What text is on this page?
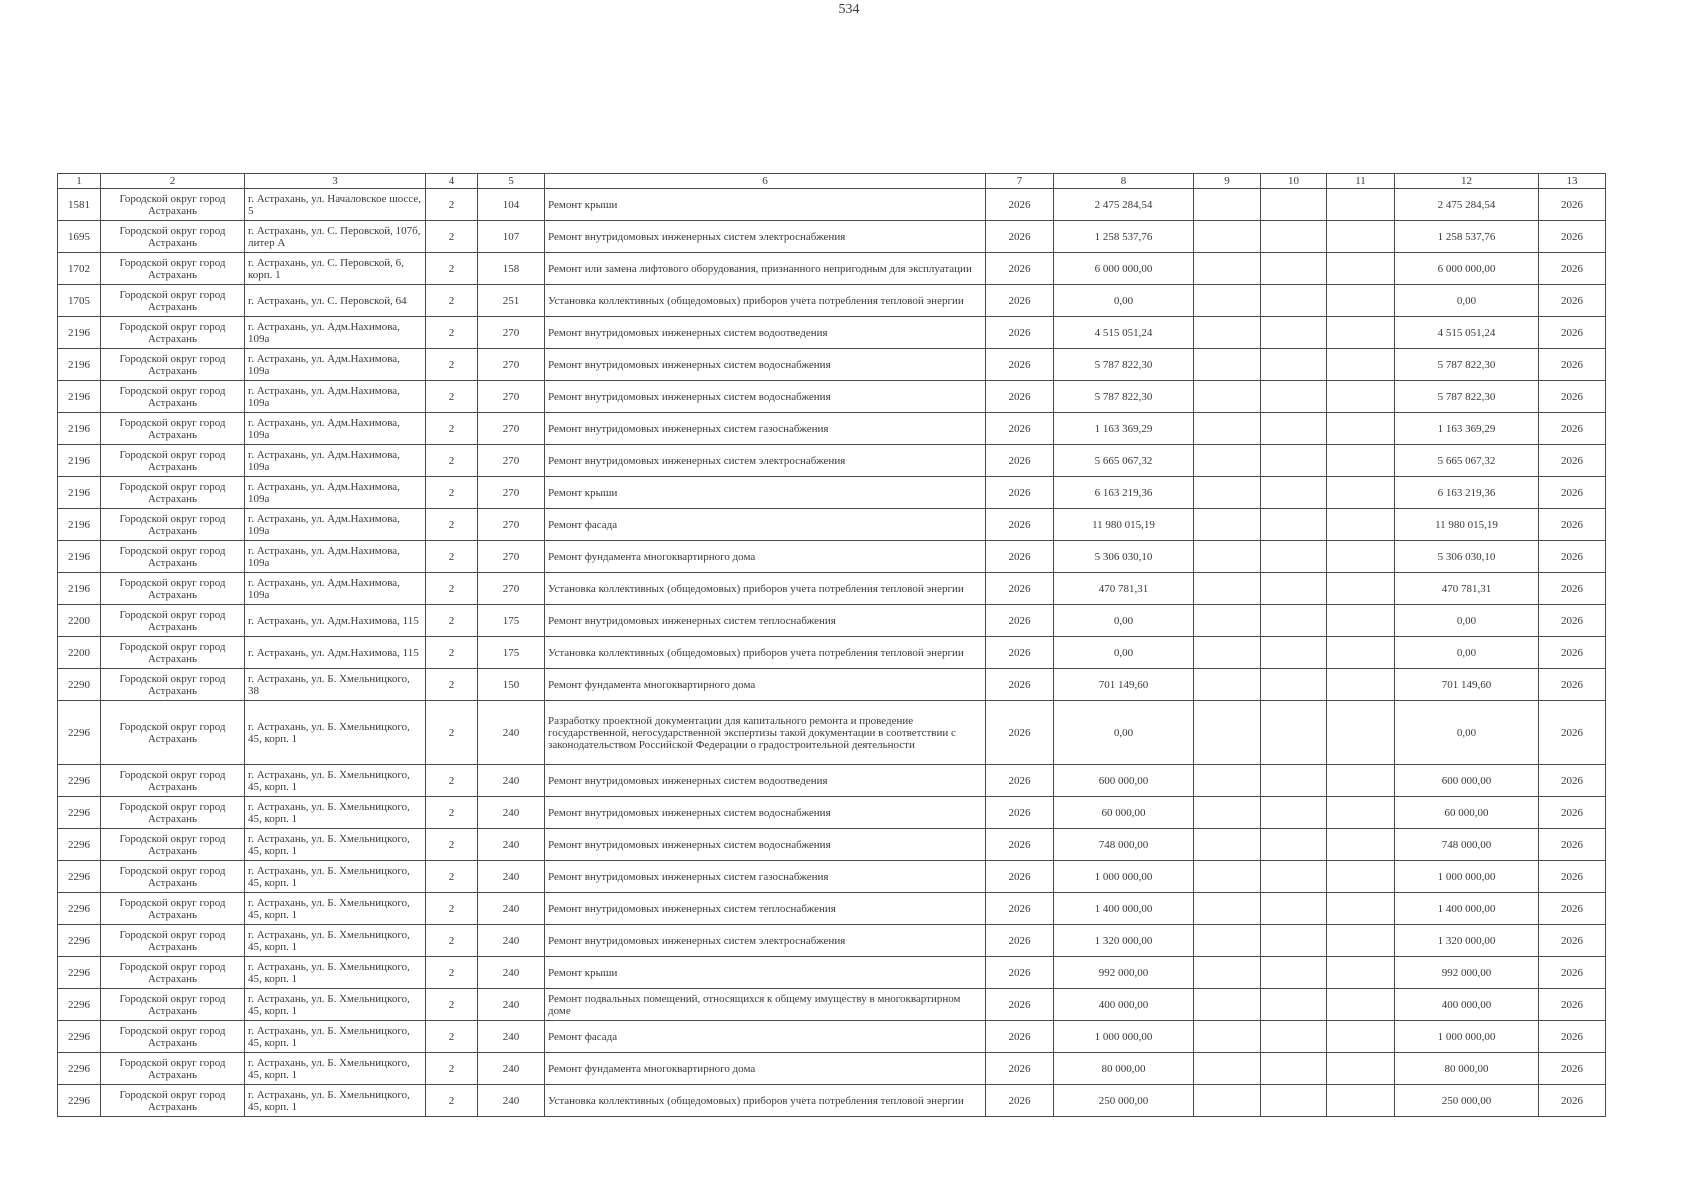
534
1	2	3	4	5	6	7	8	9	10	11	12	13
1581	Городской округ город Астрахань	г. Астрахань, ул. Началовское шоссе, 5	2	104	Ремонт крыши	2026	2 475 284,54				2 475 284,54	2026
1695	Городской округ город Астрахань	г. Астрахань, ул. С. Перовской, 107б, литер А	2	107	Ремонт внутридомовых инженерных систем электроснабжения	2026	1 258 537,76				1 258 537,76	2026
1702	Городской округ город Астрахань	г. Астрахань, ул. С. Перовской, 6, корп. 1	2	158	Ремонт или замена лифтового оборудования, признанного непригодным для эксплуатации	2026	6 000 000,00				6 000 000,00	2026
1705	Городской округ город Астрахань	г. Астрахань, ул. С. Перовской, 64	2	251	Установка коллективных (общедомовых) приборов учета потребления тепловой энергии	2026	0,00				0,00	2026
2196	Городской округ город Астрахань	г. Астрахань, ул. Адм.Нахимова, 109а	2	270	Ремонт внутридомовых инженерных систем водоотведения	2026	4 515 051,24				4 515 051,24	2026
2196	Городской округ город Астрахань	г. Астрахань, ул. Адм.Нахимова, 109а	2	270	Ремонт внутридомовых инженерных систем водоснабжения	2026	5 787 822,30				5 787 822,30	2026
2196	Городской округ город Астрахань	г. Астрахань, ул. Адм.Нахимова, 109а	2	270	Ремонт внутридомовых инженерных систем водоснабжения	2026	5 787 822,30				5 787 822,30	2026
2196	Городской округ город Астрахань	г. Астрахань, ул. Адм.Нахимова, 109а	2	270	Ремонт внутридомовых инженерных систем газоснабжения	2026	1 163 369,29				1 163 369,29	2026
2196	Городской округ город Астрахань	г. Астрахань, ул. Адм.Нахимова, 109а	2	270	Ремонт внутридомовых инженерных систем электроснабжения	2026	5 665 067,32				5 665 067,32	2026
2196	Городской округ город Астрахань	г. Астрахань, ул. Адм.Нахимова, 109а	2	270	Ремонт крыши	2026	6 163 219,36				6 163 219,36	2026
2196	Городской округ город Астрахань	г. Астрахань, ул. Адм.Нахимова, 109а	2	270	Ремонт фасада	2026	11 980 015,19				11 980 015,19	2026
2196	Городской округ город Астрахань	г. Астрахань, ул. Адм.Нахимова, 109а	2	270	Ремонт фундамента многоквартирного дома	2026	5 306 030,10				5 306 030,10	2026
2196	Городской округ город Астрахань	г. Астрахань, ул. Адм.Нахимова, 109а	2	270	Установка коллективных (общедомовых) приборов учета потребления тепловой энергии	2026	470 781,31				470 781,31	2026
2200	Городской округ город Астрахань	г. Астрахань, ул. Адм.Нахимова, 115	2	175	Ремонт внутридомовых инженерных систем теплоснабжения	2026	0,00				0,00	2026
2200	Городской округ город Астрахань	г. Астрахань, ул. Адм.Нахимова, 115	2	175	Установка коллективных (общедомовых) приборов учета потребления тепловой энергии	2026	0,00				0,00	2026
2290	Городской округ город Астрахань	г. Астрахань, ул. Б. Хмельницкого, 38	2	150	Ремонт фундамента многоквартирного дома	2026	701 149,60				701 149,60	2026
2296	Городской округ город Астрахань	г. Астрахань, ул. Б. Хмельницкого, 45, корп. 1	2	240	Разработку проектной документации для капитального ремонта и проведение государственной, негосударственной экспертизы такой документации в соответствии с законодательством Российской Федерации о градостроительной деятельности	2026	0,00				0,00	2026
2296	Городской округ город Астрахань	г. Астрахань, ул. Б. Хмельницкого, 45, корп. 1	2	240	Ремонт внутридомовых инженерных систем водоотведения	2026	600 000,00				600 000,00	2026
2296	Городской округ город Астрахань	г. Астрахань, ул. Б. Хмельницкого, 45, корп. 1	2	240	Ремонт внутридомовых инженерных систем водоснабжения	2026	60 000,00				60 000,00	2026
2296	Городской округ город Астрахань	г. Астрахань, ул. Б. Хмельницкого, 45, корп. 1	2	240	Ремонт внутридомовых инженерных систем водоснабжения	2026	748 000,00				748 000,00	2026
2296	Городской округ город Астрахань	г. Астрахань, ул. Б. Хмельницкого, 45, корп. 1	2	240	Ремонт внутридомовых инженерных систем газоснабжения	2026	1 000 000,00				1 000 000,00	2026
2296	Городской округ город Астрахань	г. Астрахань, ул. Б. Хмельницкого, 45, корп. 1	2	240	Ремонт внутридомовых инженерных систем теплоснабжения	2026	1 400 000,00				1 400 000,00	2026
2296	Городской округ город Астрахань	г. Астрахань, ул. Б. Хмельницкого, 45, корп. 1	2	240	Ремонт внутридомовых инженерных систем электроснабжения	2026	1 320 000,00				1 320 000,00	2026
2296	Городской округ город Астрахань	г. Астрахань, ул. Б. Хмельницкого, 45, корп. 1	2	240	Ремонт крыши	2026	992 000,00				992 000,00	2026
2296	Городской округ город Астрахань	г. Астрахань, ул. Б. Хмельницкого, 45, корп. 1	2	240	Ремонт подвальных помещений, относящихся к общему имуществу в многоквартирном доме	2026	400 000,00				400 000,00	2026
2296	Городской округ город Астрахань	г. Астрахань, ул. Б. Хмельницкого, 45, корп. 1	2	240	Ремонт фасада	2026	1 000 000,00				1 000 000,00	2026
2296	Городской округ город Астрахань	г. Астрахань, ул. Б. Хмельницкого, 45, корп. 1	2	240	Ремонт фундамента многоквартирного дома	2026	80 000,00				80 000,00	2026
2296	Городской округ город Астрахань	г. Астрахань, ул. Б. Хмельницкого, 45, корп. 1	2	240	Установка коллективных (общедомовых) приборов учета потребления тепловой энергии	2026	250 000,00				250 000,00	2026
